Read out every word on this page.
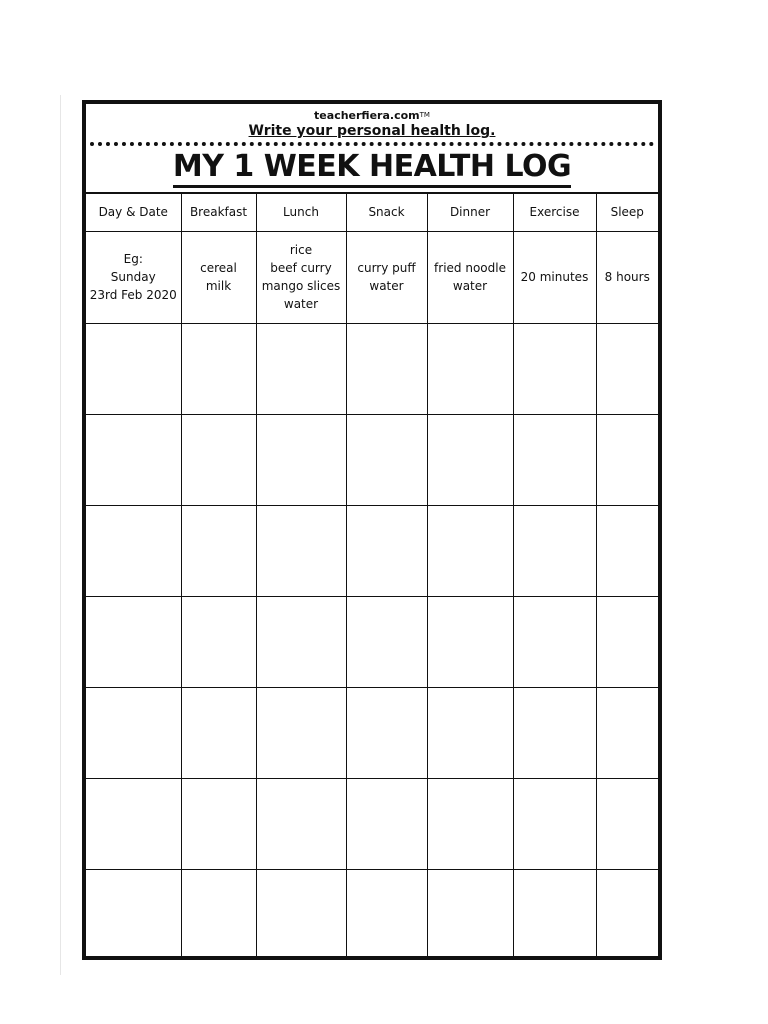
teacherfiera.com™
Write your personal health log.
MY 1 WEEK HEALTH LOG
Day & Date	Breakfast	Lunch	Snack	Dinner	Exercise	Sleep

Eg:
Sunday
23rd Feb 2020	cereal
milk	rice
beef curry
mango slices
water	curry puff
water	fried noodle
water	20 minutes	8 hours
